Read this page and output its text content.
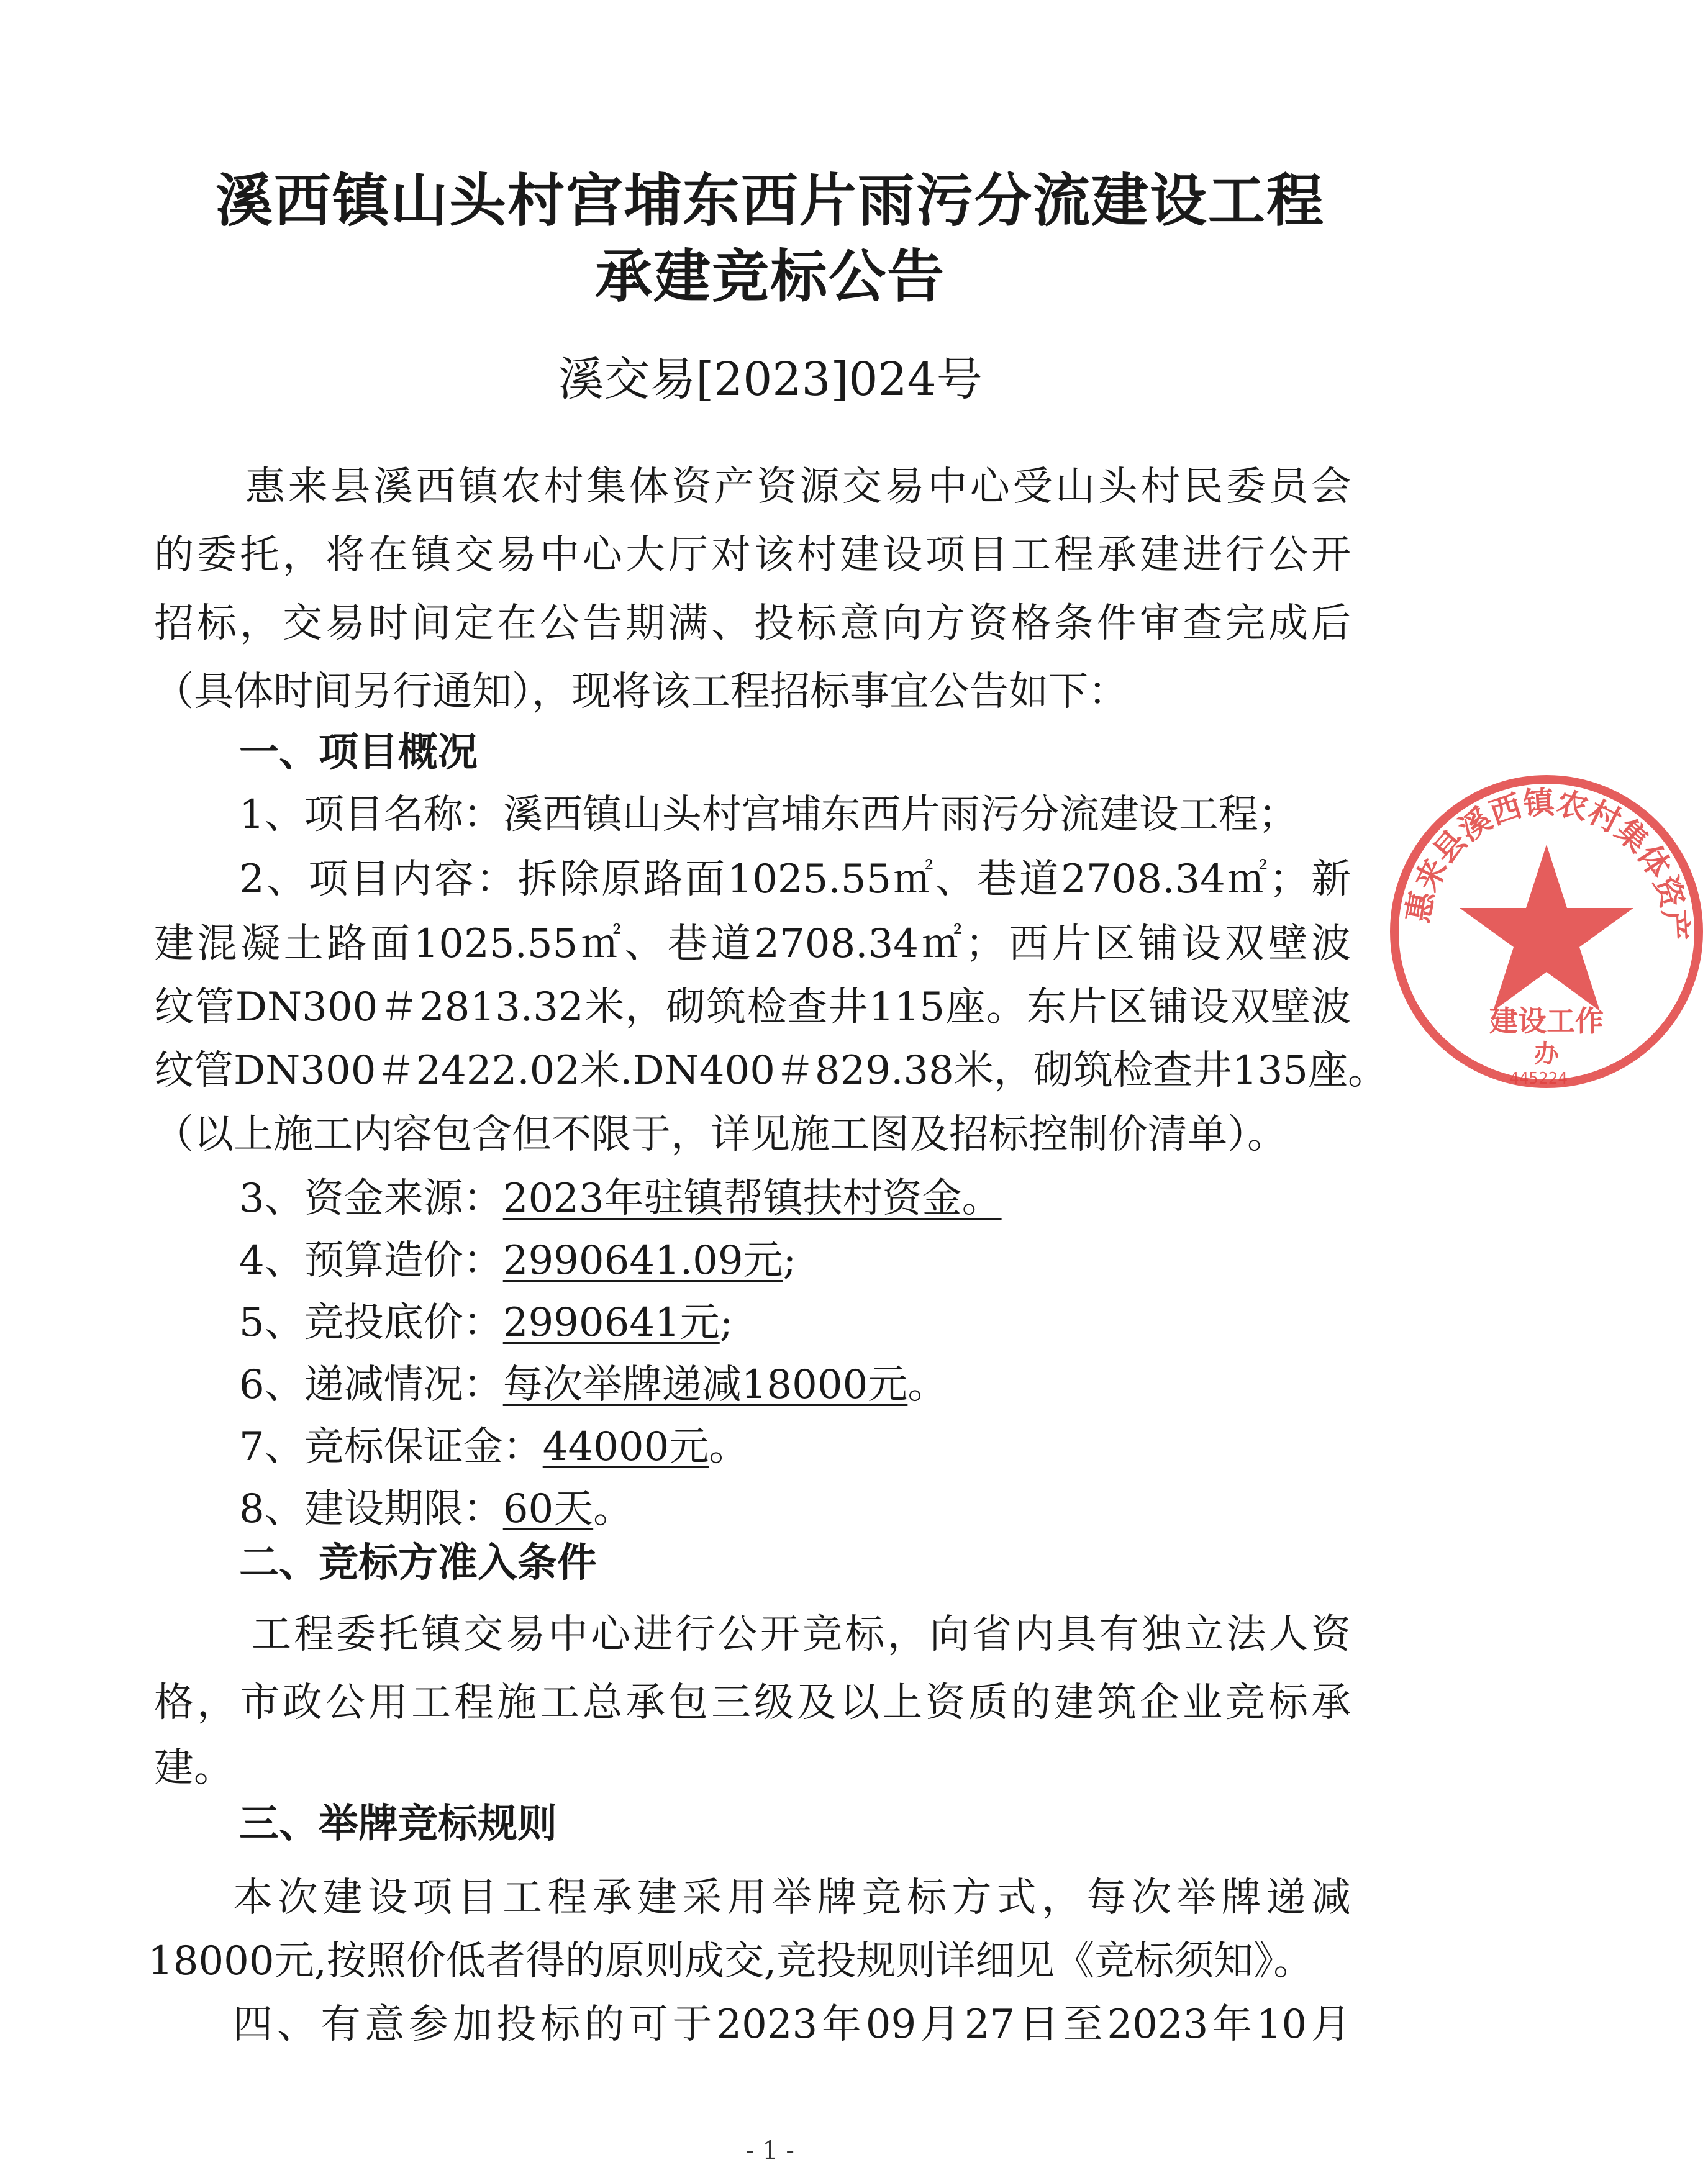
溪西镇山头村宫埔东西片雨污分流建设工程
承建竞标公告
溪交易[2023]024号
惠来县溪西镇农村集体资产资源交易中心受山头村民委员会
的委托，将在镇交易中心大厅对该村建设项目工程承建进行公开
招标，交易时间定在公告期满、投标意向方资格条件审查完成后
（具体时间另行通知），现将该工程招标事宜公告如下：
一、项目概况
1、项目名称：溪西镇山头村宫埔东西片雨污分流建设工程；
2、项目内容：拆除原路面1025.55㎡、巷道2708.34㎡；新
建混凝土路面1025.55㎡、巷道2708.34㎡；西片区铺设双壁波
纹管DN300＃2813.32米，砌筑检查井115座。东片区铺设双壁波
纹管DN300＃2422.02米.DN400＃829.38米，砌筑检查井135座。
（以上施工内容包含但不限于，详见施工图及招标控制价清单）。
3、资金来源：2023年驻镇帮镇扶村资金。
4、预算造价：2990641.09元;
5、竞投底价：2990641元;
6、递减情况：每次举牌递减18000元。
7、竞标保证金：44000元。
8、建设期限：60天。
二、竞标方准入条件
工程委托镇交易中心进行公开竞标，向省内具有独立法人资
格，市政公用工程施工总承包三级及以上资质的建筑企业竞标承
建。
三、举牌竞标规则
本次建设项目工程承建采用举牌竞标方式，每次举牌递减
18000元,按照价低者得的原则成交,竞投规则详细见《竞标须知》。
四、有意参加投标的可于2023年09月27日至2023年10月
- 1 -
惠来县溪西镇农村集体资产资源交易中心
建设工作
办
445224
